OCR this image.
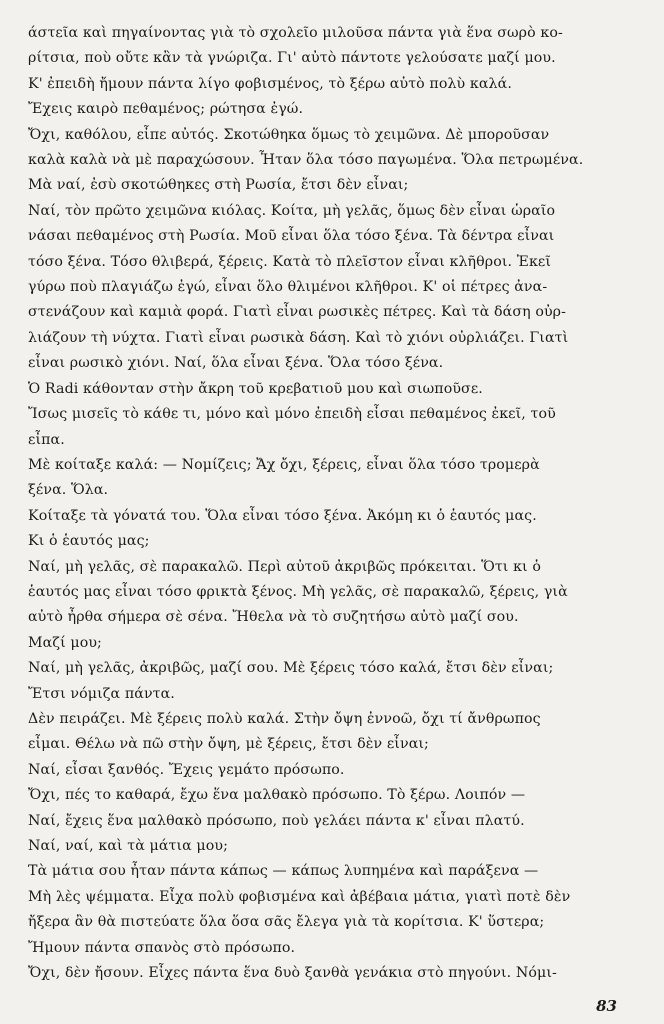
άστεῖα καὶ πηγαίνοντας γιὰ τὸ σχολεῖο μιλοῦσα πάντα γιὰ ἕνα σωρὸ κο-
ρίτσια, ποὺ οὔτε κἂν τὰ γνώριζα. Γι' αὐτὸ πάντοτε γελούσατε μαζί μου.
Κ' ἐπειδὴ ἤμουν πάντα λίγο φοβισμένος, τὸ ξέρω αὐτὸ πολὺ καλά.
Ἔχεις καιρὸ πεθαμένος; ρώτησα ἐγώ.
Ὄχι, καθόλου, εἶπε αὐτός. Σκοτώθηκα ὅμως τὸ χειμῶνα. Δὲ μποροῦσαν
καλὰ καλὰ νὰ μὲ παραχώσουν. Ἦταν ὅλα τόσο παγωμένα. Ὅλα πετρωμένα.
Μὰ ναί, ἐσὺ σκοτώθηκες στὴ Ρωσία, ἔτσι δὲν εἶναι;
Ναί, τὸν πρῶτο χειμῶνα κιόλας. Κοίτα, μὴ γελᾶς, ὅμως δὲν εἶναι ὡραῖο
νάσαι πεθαμένος στὴ Ρωσία. Μοῦ εἶναι ὅλα τόσο ξένα. Τὰ δέντρα εἶναι
τόσο ξένα. Τόσο θλιβερά, ξέρεις. Κατὰ τὸ πλεῖστον εἶναι κλῆθροι. Ἐκεῖ
γύρω ποὺ πλαγιάζω ἐγώ, εἶναι ὅλο θλιμένοι κλῆθροι. Κ' οἱ πέτρες ἀνα-
στενάζουν καὶ καμιὰ φορά. Γιατὶ εἶναι ρωσικὲς πέτρες. Καὶ τὰ δάση οὐρ-
λιάζουν τὴ νύχτα. Γιατὶ εἶναι ρωσικὰ δάση. Καὶ τὸ χιόνι οὐρλιάζει. Γιατὶ
εἶναι ρωσικὸ χιόνι. Ναί, ὅλα εἶναι ξένα. Ὅλα τόσο ξένα.
Ὁ Radi κάθονταν στὴν ἄκρη τοῦ κρεβατιοῦ μου καὶ σιωποῦσε.
Ἴσως μισεῖς τὸ κάθε τι, μόνο καὶ μόνο ἐπειδὴ εἶσαι πεθαμένος ἐκεῖ, τοῦ
εἶπα.
Μὲ κοίταξε καλά: — Νομίζεις; Ἄχ ὄχι, ξέρεις, εἶναι ὅλα τόσο τρομερὰ
ξένα. Ὅλα.
Κοίταξε τὰ γόνατά του. Ὅλα εἶναι τόσο ξένα. Ἀκόμη κι ὁ ἑαυτός μας.
Κι ὁ ἑαυτός μας;
Ναί, μὴ γελᾶς, σὲ παρακαλῶ. Περὶ αὐτοῦ ἀκριβῶς πρόκειται. Ὅτι κι ὁ
ἑαυτός μας εἶναι τόσο φρικτὰ ξένος. Μὴ γελᾶς, σὲ παρακαλῶ, ξέρεις, γιὰ
αὐτὸ ἦρθα σήμερα σὲ σένα. Ἤθελα νὰ τὸ συζητήσω αὐτὸ μαζί σου.
Μαζί μου;
Ναί, μὴ γελᾶς, ἀκριβῶς, μαζί σου. Μὲ ξέρεις τόσο καλά, ἔτσι δὲν εἶναι;
Ἔτσι νόμιζα πάντα.
Δὲν πειράζει. Μὲ ξέρεις πολὺ καλά. Στὴν ὄψη ἐννοῶ, ὄχι τί ἄνθρωπος
εἶμαι. Θέλω νὰ πῶ στὴν ὄψη, μὲ ξέρεις, ἔτσι δὲν εἶναι;
Ναί, εἶσαι ξανθός. Ἔχεις γεμάτο πρόσωπο.
Ὄχι, πές το καθαρά, ἔχω ἕνα μαλθακὸ πρόσωπο. Τὸ ξέρω. Λοιπόν —
Ναί, ἔχεις ἕνα μαλθακὸ πρόσωπο, ποὺ γελάει πάντα κ' εἶναι πλατύ.
Ναί, ναί, καὶ τὰ μάτια μου;
Τὰ μάτια σου ἦταν πάντα κάπως — κάπως λυπημένα καὶ παράξενα —
Μὴ λὲς ψέμματα. Εἶχα πολὺ φοβισμένα καὶ ἀβέβαια μάτια, γιατὶ ποτὲ δὲν
ἤξερα ἂν θὰ πιστεύατε ὅλα ὅσα σᾶς ἔλεγα γιὰ τὰ κορίτσια. Κ' ὕστερα;
Ἤμουν πάντα σπανὸς στὸ πρόσωπο.
Ὄχι, δὲν ἤσουν. Εἶχες πάντα ἕνα δυὸ ξανθὰ γενάκια στὸ πηγούνι. Νόμι-
83
